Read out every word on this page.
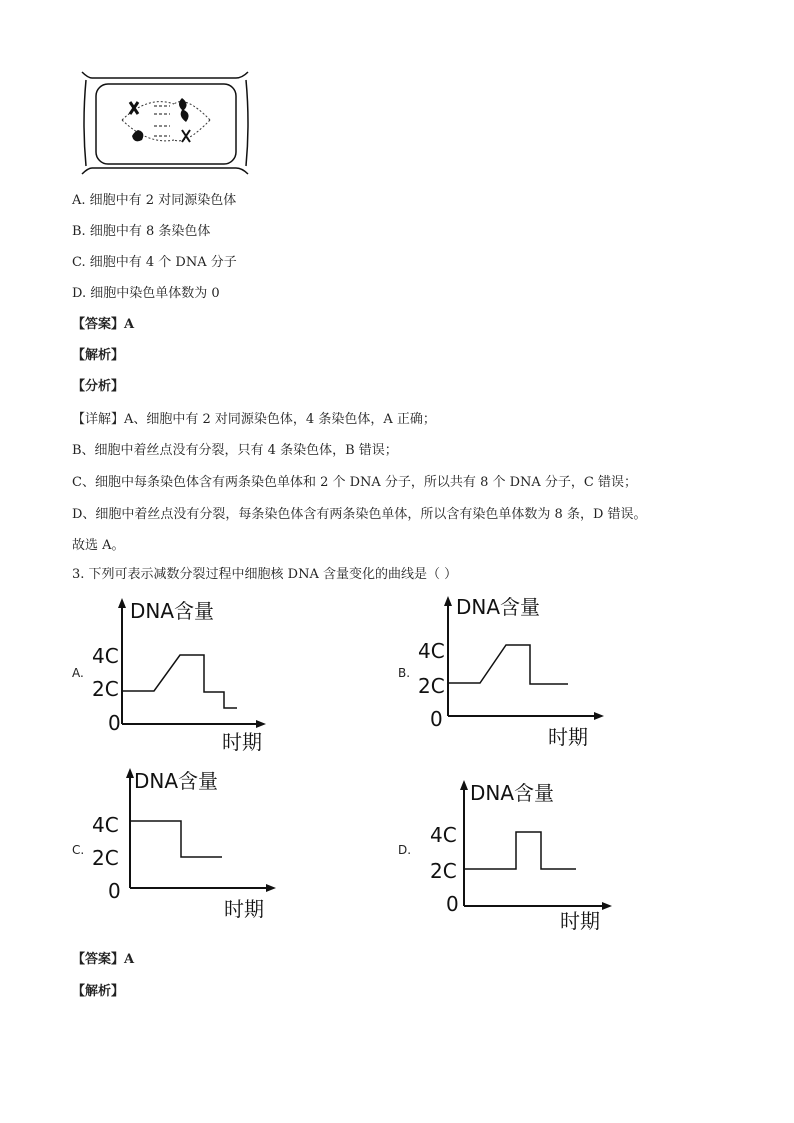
A. 细胞中有 2 对同源染色体
B. 细胞中有 8 条染色体
C. 细胞中有 4 个 DNA 分子
D. 细胞中染色单体数为 0
【答案】A
【解析】
【分析】
【详解】A、细胞中有 2 对同源染色体，4 条染色体，A 正确；
B、细胞中着丝点没有分裂，只有 4 条染色体，B 错误；
C、细胞中每条染色体含有两条染色单体和 2 个 DNA 分子，所以共有 8 个 DNA 分子，C 错误；
D、细胞中着丝点没有分裂，每条染色体含有两条染色单体，所以含有染色单体数为 8 条，D 错误。
故选 A。
3. 下列可表示减数分裂过程中细胞核 DNA 含量变化的曲线是（ ）
A.
DNA含量
4C
2C
0
时期
B.
DNA含量
4C
2C
0
时期
C.
DNA含量
4C
2C
0
时期
D.
DNA含量
4C
2C
0
时期
【答案】A
【解析】
